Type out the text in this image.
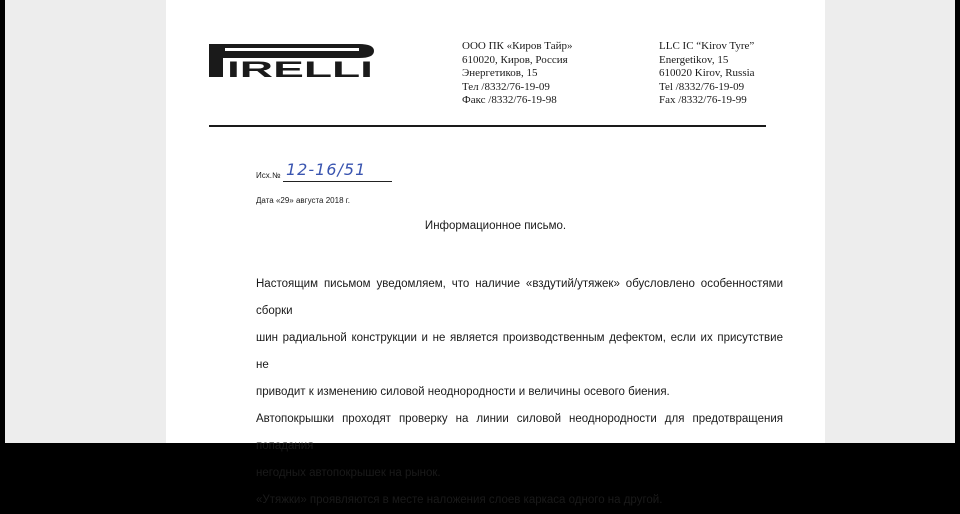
IRELLI
ООО ПК «Киров Тайр»
610020, Киров, Россия
Энергетиков, 15
Тел /8332/76-19-09
Факс /8332/76-19-98
LLC IC “Kirov Tyre”
Energetikov, 15
610020 Kirov, Russia
Tel /8332/76-19-09
Fax /8332/76-19-99
Исх.№ 12-16/51
Дата «29» августа 2018 г.
Информационное письмо.
Настоящим письмом уведомляем, что наличие «вздутий/утяжек» обусловлено особенностями сборки
шин радиальной конструкции и не является производственным дефектом, если их присутствие не
приводит к изменению силовой неоднородности и величины осевого биения.
Автопокрышки проходят проверку на линии силовой неоднородности для предотвращения попадания
негодных автопокрышек на рынок.
«Утяжки» проявляются в месте наложения слоев каркаса одного на другой.
